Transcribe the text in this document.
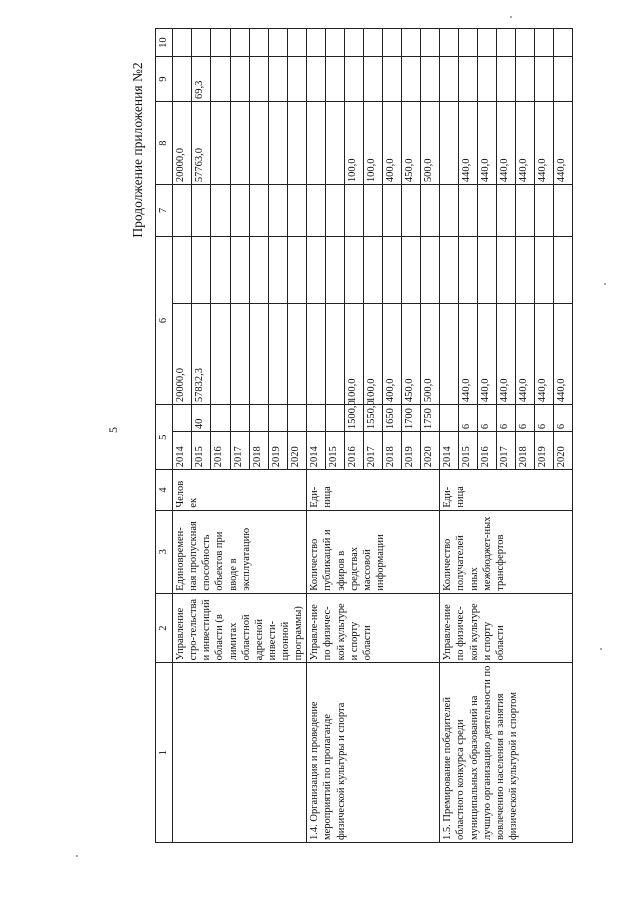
5
Продолжение приложения №2
1	2	3	4	5		6		7	8	9	10
	Управление стро-тельства и инвестиций области (в лимитах областной адресной инвести-ционной программы)	Единовремен-ная пропускная способность объектов при вводе в эксплуатацию	Челов ек	2014		20000,0			20000,0		
				2015	40	57832,3			57763,0	69,3	
				2016							
				2017							
				2018							
				2019							
				2020							
1.4. Организация и проведение мероприятий по пропаганде физической культуры и спорта	Управле-ние по физичес-кой культуре и спорту области	Количество публикаций и эфиров в средствах массовой информации	Еди-ница	2014							
				2015							
				2016	1500,0	100,0			100,0		
				2017	1550,0	100,0			100,0		
				2018	1650	400,0			400,0		
				2019	1700	450,0			450,0		
				2020	1750	500,0			500,0		
1.5. Премирование победителей областного конкурса среди муниципальных образований на лучшую организацию деятельности по вовлечению населения в занятия физической культурой и спортом	Управле-ние по физичес-кой культуре и спорту области	Количество получателей иных межбюджет-ных трансфертов	Еди-ница	2014							
				2015	6	440,0			440,0		
				2016	6	440,0			440,0		
				2017	6	440,0			440,0		
				2018	6	440,0			440,0		
				2019	6	440,0			440,0		
				2020	6	440,0			440,0		
